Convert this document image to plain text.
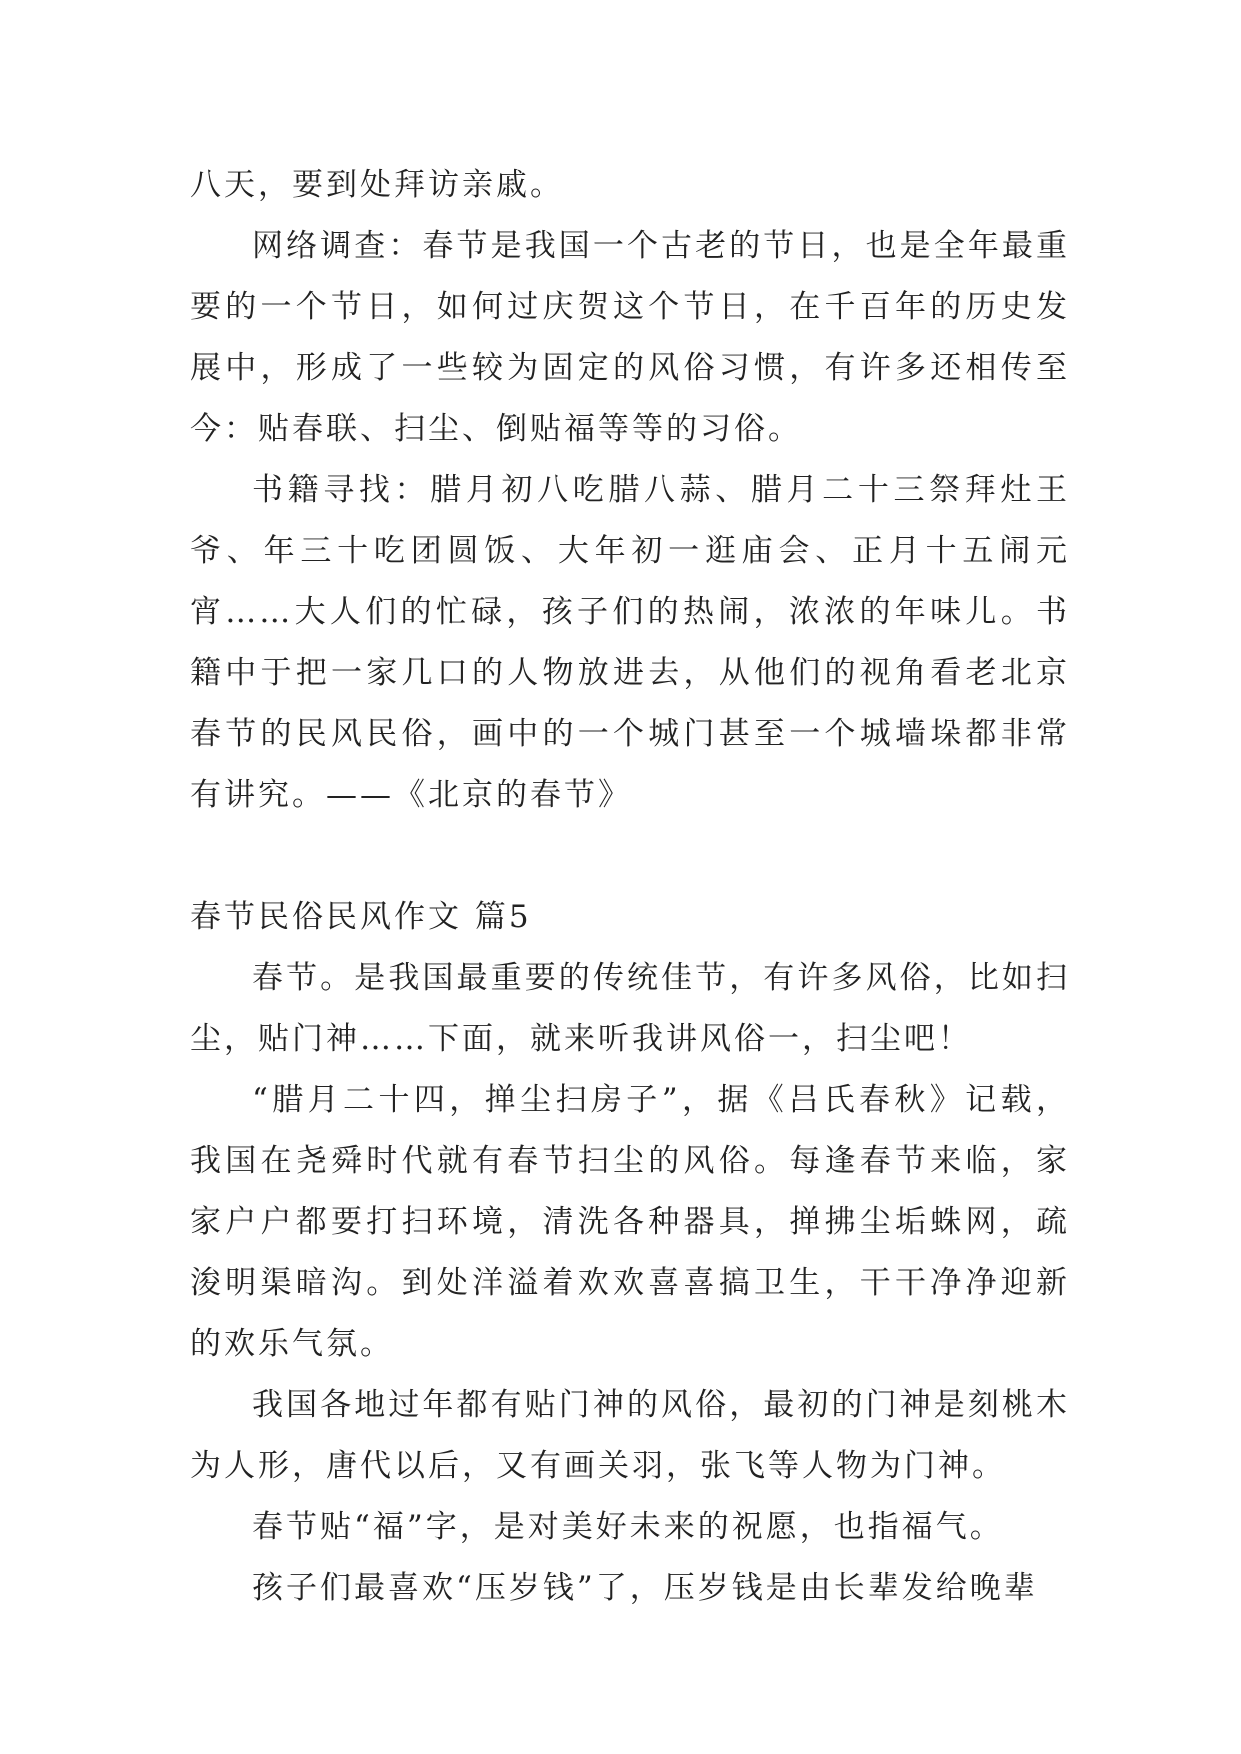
八天，要到处拜访亲戚。

网络调查：春节是我国一个古老的节日，也是全年最重要的一个节日，如何过庆贺这个节日，在千百年的历史发展中，形成了一些较为固定的风俗习惯，有许多还相传至今：贴春联、扫尘、倒贴福等等的习俗。

书籍寻找：腊月初八吃腊八蒜、腊月二十三祭拜灶王爷、年三十吃团圆饭、大年初一逛庙会、正月十五闹元宵……大人们的忙碌，孩子们的热闹，浓浓的年味儿。书籍中于把一家几口的人物放进去，从他们的视角看老北京春节的民风民俗，画中的一个城门甚至一个城墙垛都非常有讲究。——《北京的春节》

春节民俗民风作文 篇5

春节。是我国最重要的传统佳节，有许多风俗，比如扫尘，贴门神……下面，就来听我讲风俗一，扫尘吧！

“腊月二十四，掸尘扫房子”，据《吕氏春秋》记载，我国在尧舜时代就有春节扫尘的风俗。每逢春节来临，家家户户都要打扫环境，清洗各种器具，掸拂尘垢蛛网，疏浚明渠暗沟。到处洋溢着欢欢喜喜搞卫生，干干净净迎新的欢乐气氛。

我国各地过年都有贴门神的风俗，最初的门神是刻桃木为人形，唐代以后，又有画关羽，张飞等人物为门神。

春节贴“福”字，是对美好未来的祝愿，也指福气。

孩子们最喜欢“压岁钱”了，压岁钱是由长辈发给晚辈
